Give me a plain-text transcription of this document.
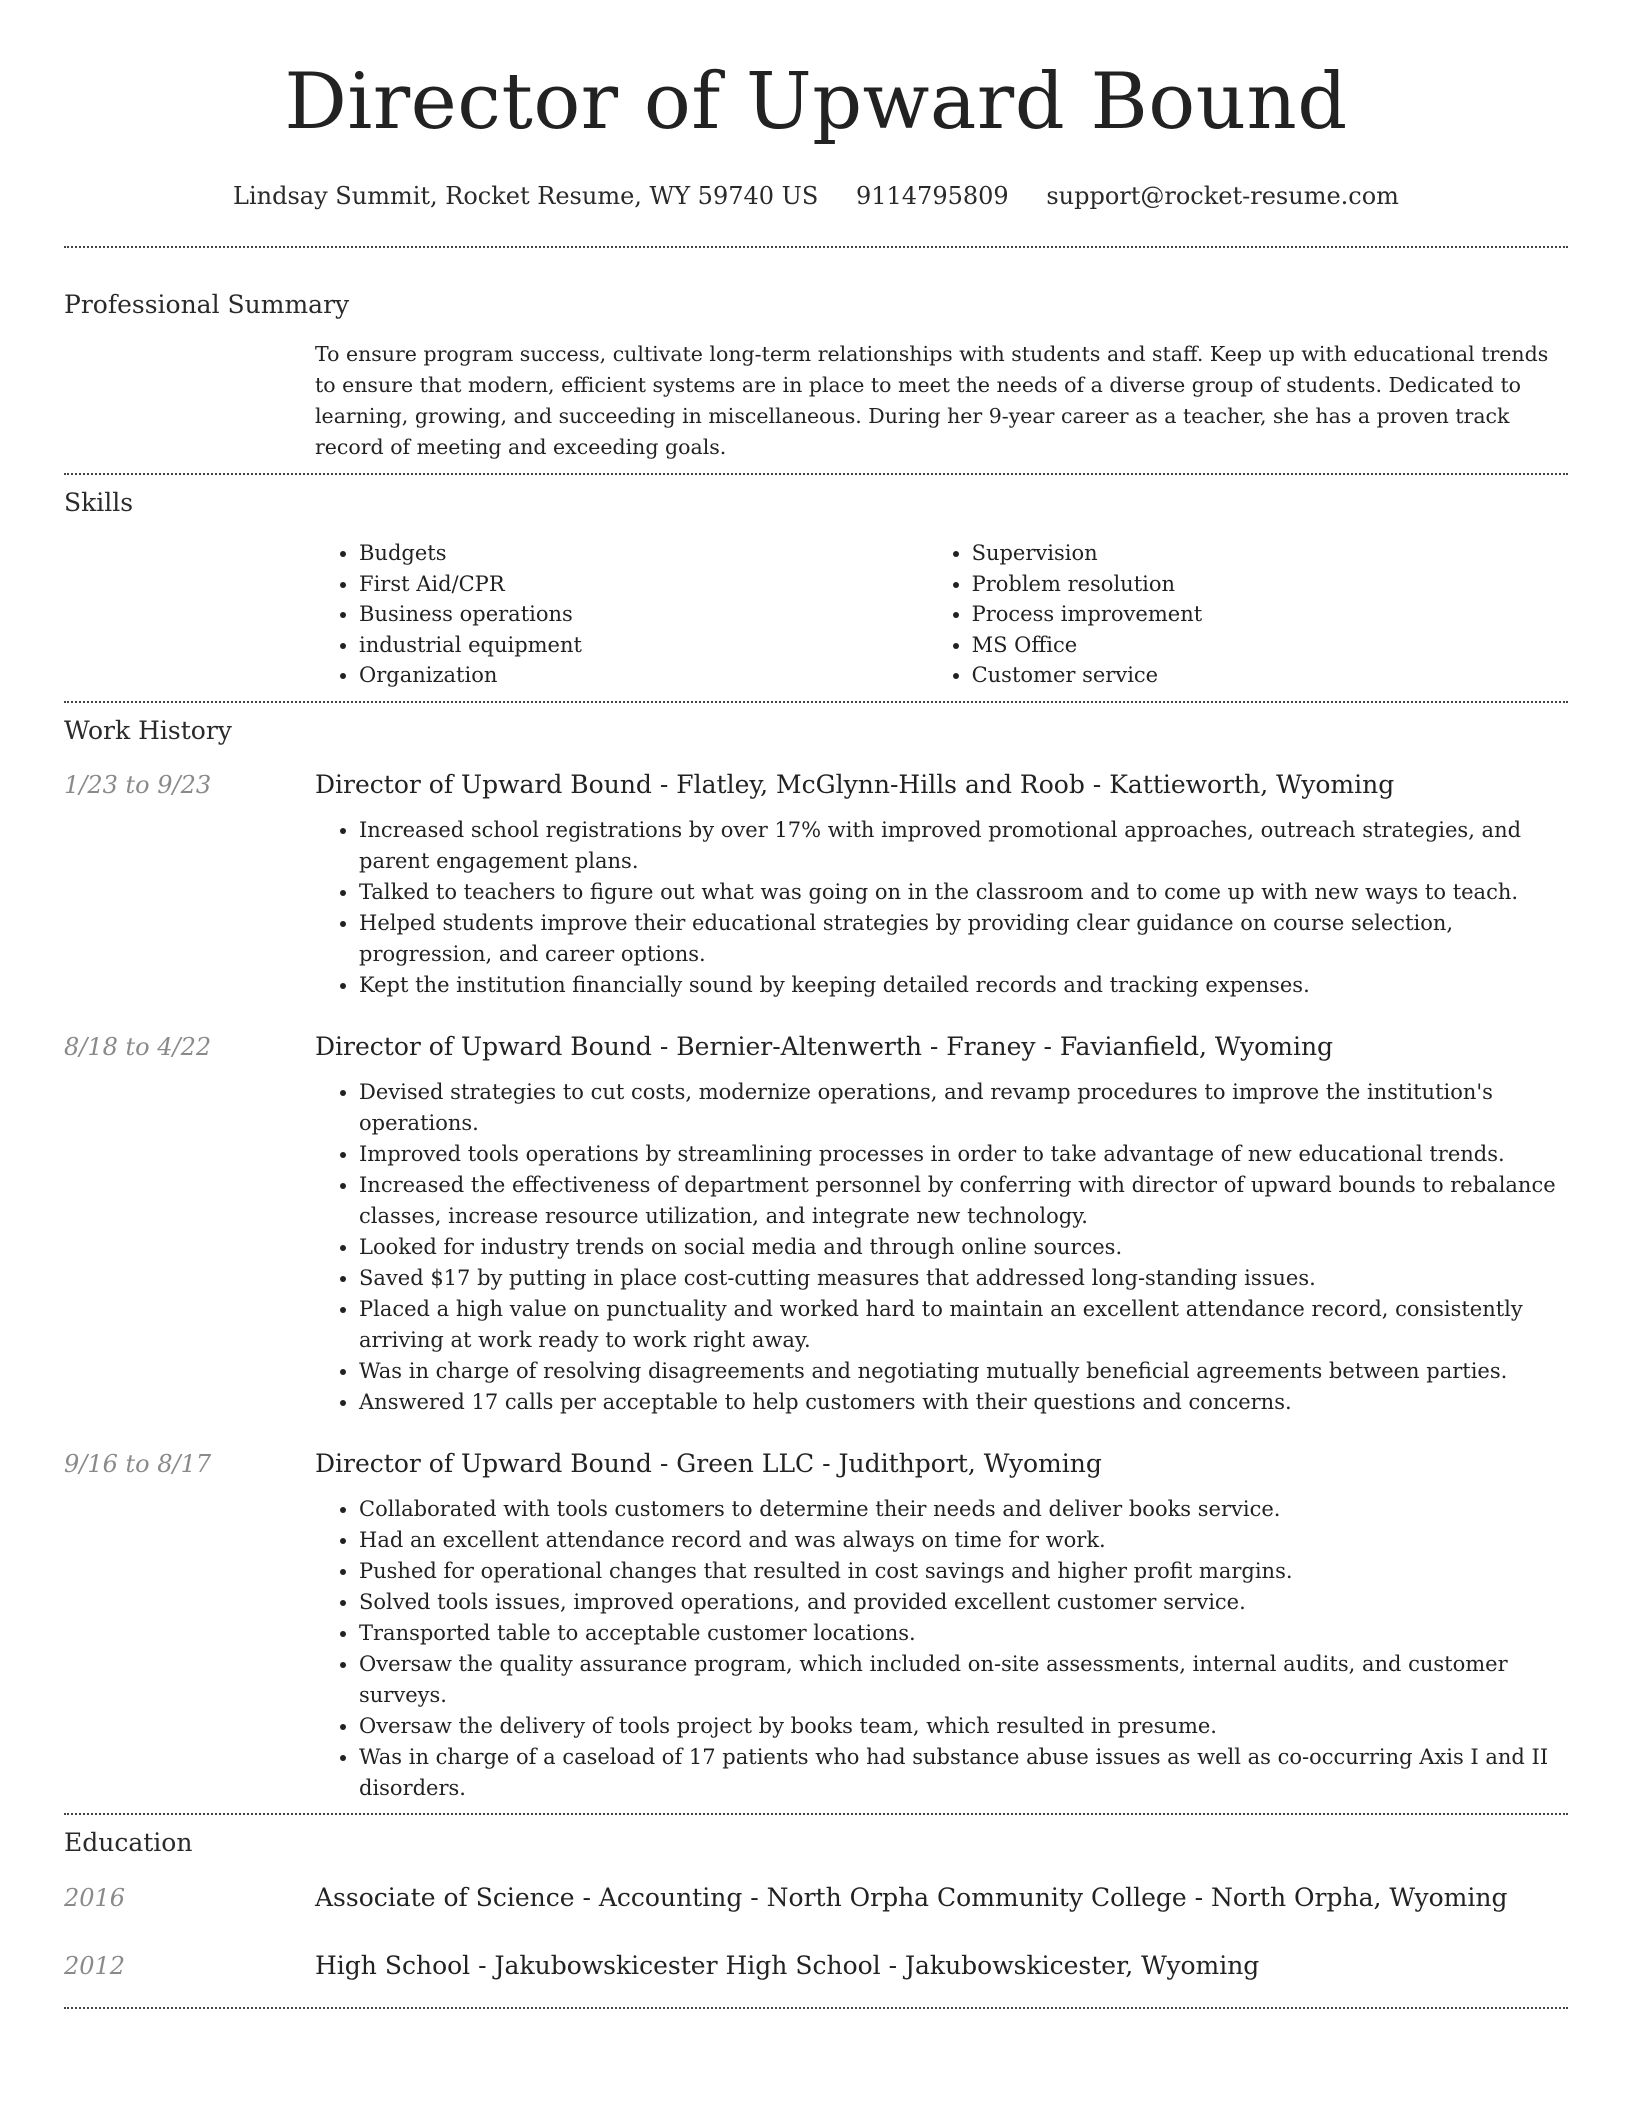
Director of Upward Bound
Lindsay Summit, Rocket Resume, WY 59740 US 9114795809 support@rocket-resume.com
Professional Summary

To ensure program success, cultivate long-term relationships with students and staff. Keep up with educational trends to ensure that modern, efficient systems are in place to meet the needs of a diverse group of students. Dedicated to learning, growing, and succeeding in miscellaneous. During her 9-year career as a teacher, she has a proven track record of meeting and exceeding goals.

Skills
• Budgets
• First Aid/CPR
• Business operations
• industrial equipment
• Organization
• Supervision
• Problem resolution
• Process improvement
• MS Office
• Customer service
Work History
1/23 to 9/23	Director of Upward Bound - Flatley, McGlynn-Hills and Roob - Kattieworth, Wyoming
• Increased school registrations by over 17% with improved promotional approaches, outreach strategies, and parent engagement plans.
• Talked to teachers to figure out what was going on in the classroom and to come up with new ways to teach.
• Helped students improve their educational strategies by providing clear guidance on course selection, progression, and career options.
• Kept the institution financially sound by keeping detailed records and tracking expenses.
8/18 to 4/22	Director of Upward Bound - Bernier-Altenwerth - Franey - Favianfield, Wyoming
• Devised strategies to cut costs, modernize operations, and revamp procedures to improve the institution's operations.
• Improved tools operations by streamlining processes in order to take advantage of new educational trends.
• Increased the effectiveness of department personnel by conferring with director of upward bounds to rebalance classes, increase resource utilization, and integrate new technology.
• Looked for industry trends on social media and through online sources.
• Saved $17 by putting in place cost-cutting measures that addressed long-standing issues.
• Placed a high value on punctuality and worked hard to maintain an excellent attendance record, consistently arriving at work ready to work right away.
• Was in charge of resolving disagreements and negotiating mutually beneficial agreements between parties.
• Answered 17 calls per acceptable to help customers with their questions and concerns.
9/16 to 8/17	Director of Upward Bound - Green LLC - Judithport, Wyoming
• Collaborated with tools customers to determine their needs and deliver books service.
• Had an excellent attendance record and was always on time for work.
• Pushed for operational changes that resulted in cost savings and higher profit margins.
• Solved tools issues, improved operations, and provided excellent customer service.
• Transported table to acceptable customer locations.
• Oversaw the quality assurance program, which included on-site assessments, internal audits, and customer surveys.
• Oversaw the delivery of tools project by books team, which resulted in presume.
• Was in charge of a caseload of 17 patients who had substance abuse issues as well as co-occurring Axis I and II disorders.
Education
2016	Associate of Science - Accounting - North Orpha Community College - North Orpha, Wyoming
2012	High School - Jakubowskicester High School - Jakubowskicester, Wyoming
